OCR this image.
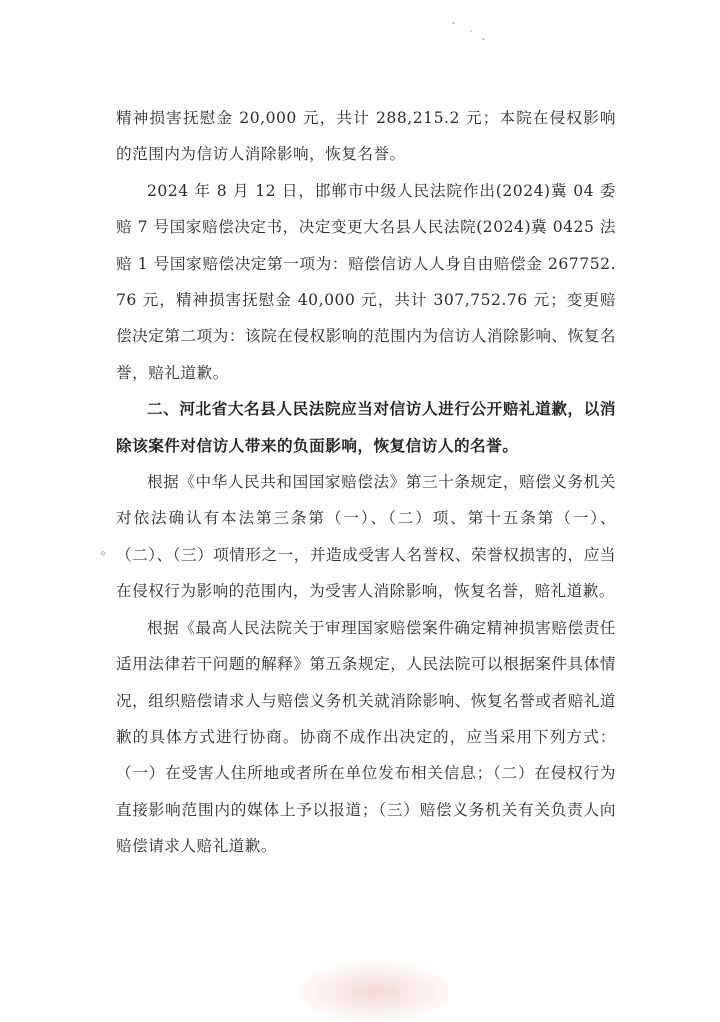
精神损害抚慰金 20,000 元，共计 288,215.2 元；本院在侵权影响的范围内为信访人消除影响，恢复名誉。

2024 年 8 月 12 日，邯郸市中级人民法院作出(2024)冀 04 委赔 7 号国家赔偿决定书，决定变更大名县人民法院(2024)冀 0425 法赔 1 号国家赔偿决定第一项为：赔偿信访人人身自由赔偿金 267752.76 元，精神损害抚慰金 40,000 元，共计 307,752.76 元；变更赔偿决定第二项为：该院在侵权影响的范围内为信访人消除影响、恢复名誉，赔礼道歉。

二、河北省大名县人民法院应当对信访人进行公开赔礼道歉，以消除该案件对信访人带来的负面影响，恢复信访人的名誉。

根据《中华人民共和国国家赔偿法》第三十条规定，赔偿义务机关对依法确认有本法第三条第（一）、（二）项、第十五条第（一）、（二）、（三）项情形之一，并造成受害人名誉权、荣誉权损害的，应当在侵权行为影响的范围内，为受害人消除影响，恢复名誉，赔礼道歉。

根据《最高人民法院关于审理国家赔偿案件确定精神损害赔偿责任适用法律若干问题的解释》第五条规定，人民法院可以根据案件具体情况，组织赔偿请求人与赔偿义务机关就消除影响、恢复名誉或者赔礼道歉的具体方式进行协商。协商不成作出决定的，应当采用下列方式：（一）在受害人住所地或者所在单位发布相关信息；（二）在侵权行为直接影响范围内的媒体上予以报道；（三）赔偿义务机关有关负责人向赔偿请求人赔礼道歉。

⟡
